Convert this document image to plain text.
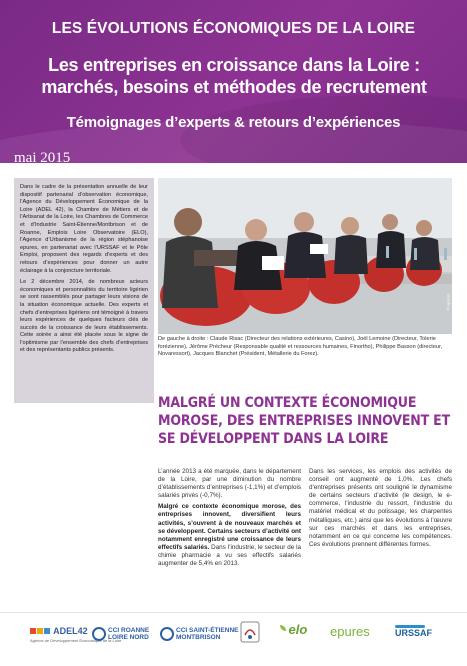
LES ÉVOLUTIONS ÉCONOMIQUES DE LA LOIRE
Les entreprises en croissance dans la Loire : marchés, besoins et méthodes de recrutement
Témoignages d’experts & retours d’expériences
mai 2015

Dans le cadre de la présentation annuelle de leur dispositif partenarial d’observation économique, l’Agence du Développement Économique de la Loire (ADEL 42), la Chambre de Métiers et de l’Artisanat de la Loire, les Chambres de Commerce et d’Industrie Saint-Étienne/Montbrison et de Roanne, Emplois Loire Observatoire (ELO), l’Agence d’Urbanisme de la région stéphanoise epures, en partenariat avec l’URSSAF et le Pôle Emploi, proposent des regards d’experts et des retours d’expériences pour donner un autre éclairage à la conjoncture territoriale.

Le 2 décembre 2014, de nombreux acteurs économiques et personnalités du territoire ligérien se sont rassemblés pour partager leurs visions de la situation économique actuelle. Des experts et chefs d’entreprises ligériens ont témoigné à travers leurs expériences de quelques facteurs clés de succès de la croissance de leurs établissements. Cette soirée a ainsi été placée sous le signe de l’optimisme par l’ensemble des chefs d’entreprises et des représentants publics présents.

© epures
De gauche à droite : Claude Risac (Directeur des relations extérieures, Casino), Joël Lemoine (Directeur, Tolerie forézienne), Jérôme Précheur (Responsable qualité et ressources humaines, Finortho), Philippe Basson (directeur, Novaressort), Jacques Blanchet (Président, Métallerie du Forez).
MALGRÉ UN CONTEXTE ÉCONOMIQUE MOROSE, DES ENTREPRISES INNOVENT ET SE DÉVELOPPENT DANS LA LOIRE

L’année 2013 a été marquée, dans le département de la Loire, par une diminution du nombre d’établissements d’entreprises (-1,1%) et d’emplois salariés privés (-0,7%).

Malgré ce contexte économique morose, des entreprises innovent, diversifient leurs activités, s’ouvrent à de nouveaux marchés et se développent. Certains secteurs d’activité ont notamment enregistré une croissance de leurs effectifs salariés. Dans l’industrie, le secteur de la chimie pharmacie a vu ses effectifs salariés augmenter de 5,4% en 2013.

Dans les services, les emplois des activités de conseil ont augmenté de 1,0%. Les chefs d’entreprises présents ont souligné le dynamisme de certains secteurs d’activité (le design, le e-commerce, l’industrie du ressort, l’industrie du matériel médical et du polissage, les charpentes métalliques, etc.) ainsi que les évolutions à l’œuvre sur ces marchés et dans les entreprises, notamment en ce qui concerne les compétences. Ces évolutions prennent différentes formes.

ADEL42
Agence de Développement Économique de la Loire
CCI ROANNE
LOIRE NORD
CCI SAINT-ÉTIENNE
MONTBRISON
elo epures	URSSAF
